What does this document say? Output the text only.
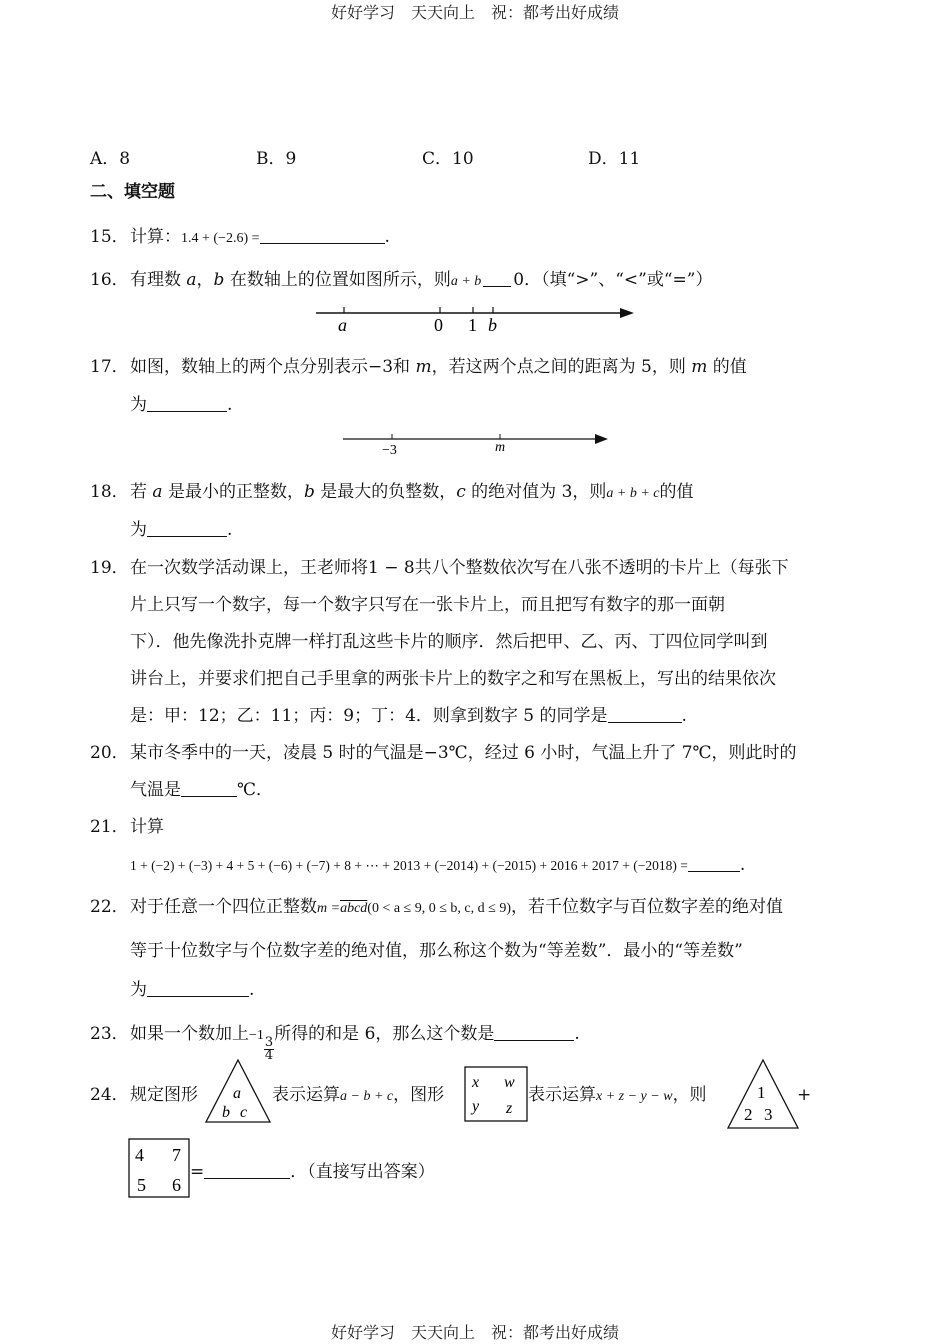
好好学习　天天向上　祝：都考出好成绩
A．8	B．9	C．10	D．11
二、填空题
15．计算：1.4 + (−2.6) =	.
16．有理数 a，b 在数轴上的位置如图所示，则a + b 0．（填“>”、“<”或“=”）
a	0 1 b
17．如图，数轴上的两个点分别表示−3和 m，若这两个点之间的距离为 5，则 m 的值
为	.
−3	m
18．若 a 是最小的正整数，b 是最大的负整数，c 的绝对值为 3，则a + b + c的值
为	.
19．在一次数学活动课上，王老师将1 − 8共八个整数依次写在八张不透明的卡片上（每张下
片上只写一个数字，每一个数字只写在一张卡片上，而且把写有数字的那一面朝
下）．他先像洗扑克牌一样打乱这些卡片的顺序．然后把甲、乙、丙、丁四位同学叫到
讲台上，并要求们把自己手里拿的两张卡片上的数字之和写在黑板上，写出的结果依次
是：甲：12；乙：11；丙：9；丁：4．则拿到数字 5 的同学是	.
20．某市冬季中的一天，凌晨 5 时的气温是−3℃，经过 6 小时，气温上升了 7℃，则此时的
气温是	℃．
21．计算
1 + (−2) + (−3) + 4 + 5 + (−6) + (−7) + 8 + ⋯ + 2013 + (−2014) + (−2015) + 2016 + 2017 + (−2018) =	.
22．对于任意一个四位正整数m =abcd(0 < a ≤ 9, 0 ≤ b, c, d ≤ 9)，若千位数字与百位数字差的绝对值
等于十位数字与个位数字差的绝对值，那么称这个数为“等差数”．最小的“等差数”
为	.
23．如果一个数加上−1
$\frac{3}{4}$
所得的和是 6，那么这个数是	.
24．规定图形 a
b c
表示运算a − b + c，图形
x w
y z
表示运算x + z − y − w，则	1
2 3
+
4 7
5 6
=	．（直接写出答案）
好好学习　天天向上　祝：都考出好成绩
